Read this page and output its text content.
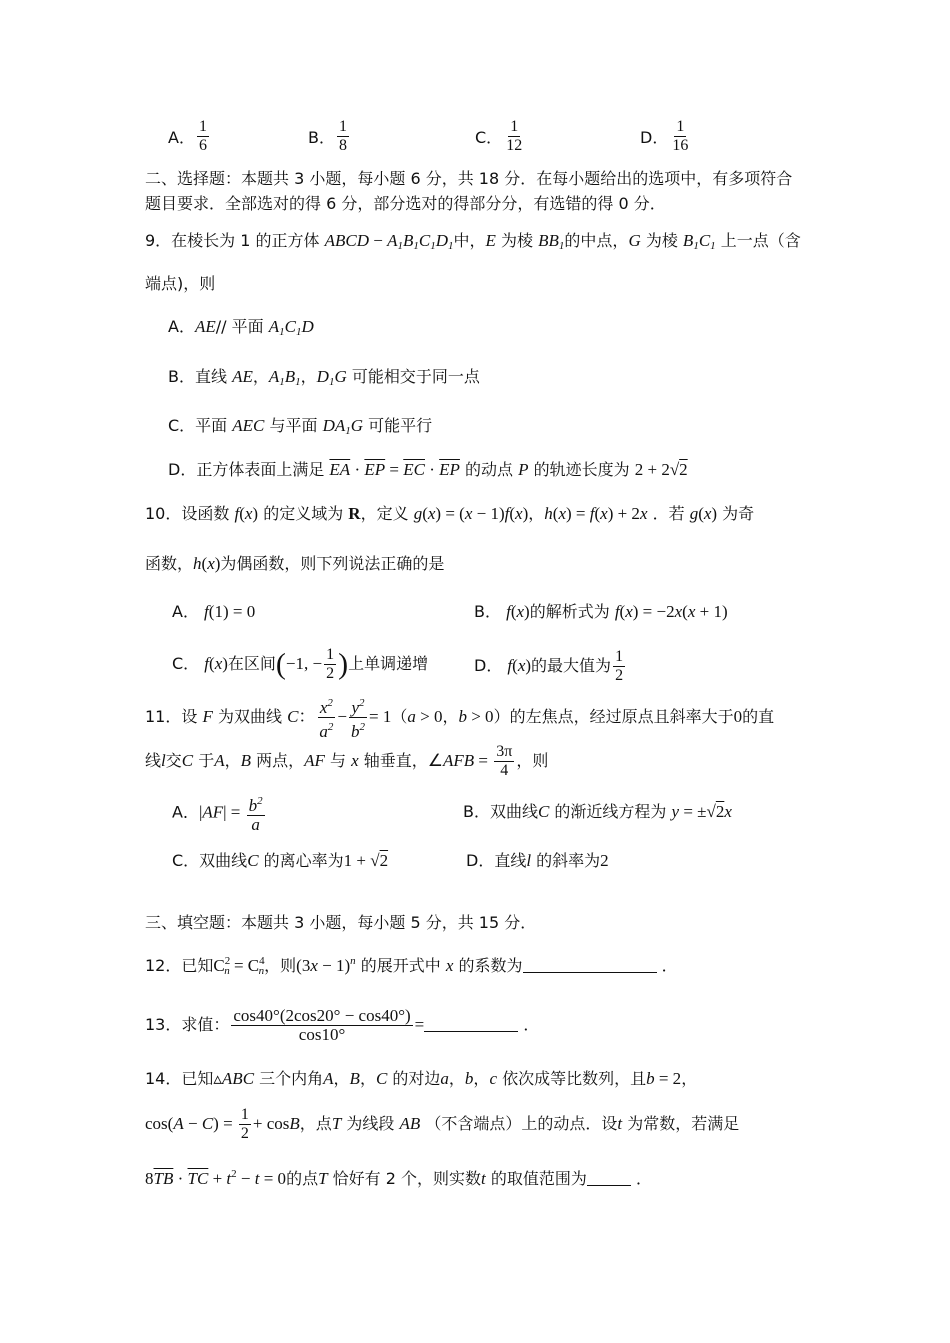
A． $\frac{1}{6}$	B． $\frac{1}{8}$	C． $\frac{1}{12}$	D． $\frac{1}{16}$
二、选择题：本题共 3 小题，每小题 6 分，共 18 分．在每小题给出的选项中，有多项符合
题目要求．全部选对的得 6 分，部分选对的得部分分，有选错的得 0 分．
9．在棱长为 1 的正方体 ABCD − $A_1B_1C_1D_1$中，E 为棱 $BB_1$的中点，G 为棱 $B_1C_1$ 上一点（含
端点)，则
A．AE// 平面 $A_1C_1D$
B．直线 AE，$A_1B_1$，$D_1G$ 可能相交于同一点
C．平面 AEC 与平面 $DA_1G$ 可能平行
D．正方体表面上满足 $\overline{EA} \cdot \overline{EP} = \overline{EC} \cdot \overline{EP}$ 的动点 P 的轨迹长度为 2 + 2√2
10．设函数 f(x) 的定义域为 R，定义 g(x) = (x − 1)f(x)，h(x) = f(x) + 2x ．若 g(x) 为奇
函数，h(x)为偶函数，则下列说法正确的是
A． f(1) = 0	B． f(x)的解析式为 f(x) = −2x(x + 1)
C． f(x)在区间(−1, − $\frac{1}{2}$ )上单调递增	D． f(x)的最大值为 $\frac{1}{2}$
11．设 F 为双曲线 C： $\frac{x^2}{a^2} - \frac{y^2}{b^2} = 1(a > 0$，b > 0）的左焦点，经过原点且斜率大于0的直
线l交C 于A，B 两点，AF 与 x 轴垂直，∠AFB = $\frac{3\pi}{4}$ ，则
A．$|AF| = \frac{b^2}{a}$	B．双曲线C 的渐近线方程为 y = ±√2x
C．双曲线C 的离心率为1 + √2	D．直线l 的斜率为2
三、填空题：本题共 3 小题，每小题 5 分，共 15 分．
12．已知$C^2_n = C^4_n$，则$(3x - 1)^n$ 的展开式中 x 的系数为	．
13．求值： $\frac{\cos 40^\circ(2\cos 20^\circ - \cos 40^\circ)}{\cos 10^\circ}$ =	．
14．已知▵ABC 三个内角A，B，C 的对边a，b，c 依次成等比数列，且b = 2，
$\cos(A - C) = \frac{1}{2} + \cos B$，点T 为线段 AB （不含端点）上的动点．设t 为常数，若满足
$8\overline{TB} \cdot \overline{TC} + t^2 - t = 0$的点T 恰好有 2 个，则实数t 的取值范围为	．
